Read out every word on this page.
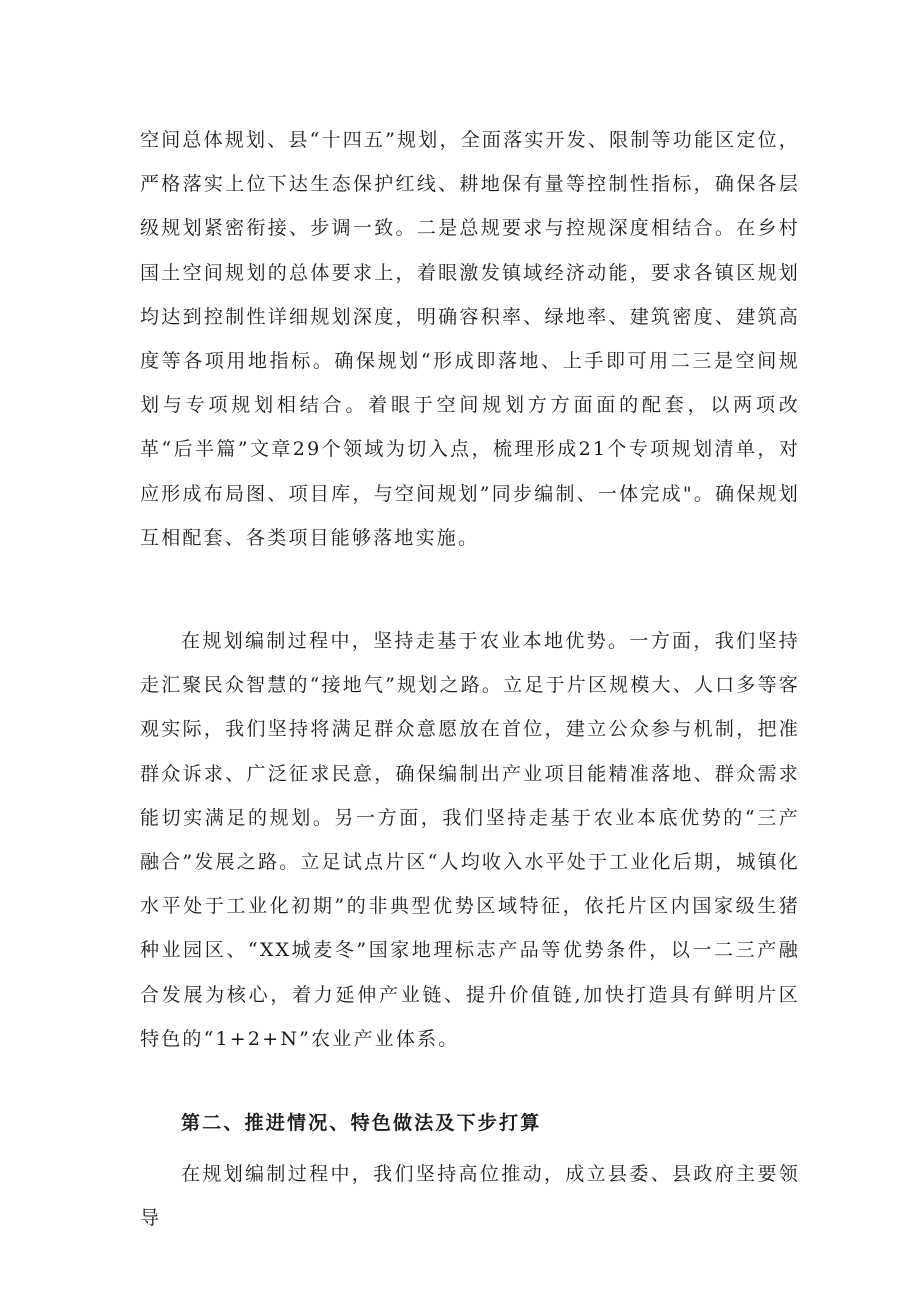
空间总体规划、县“十四五”规划，全面落实开发、限制等功能区定位，严格落实上位下达生态保护红线、耕地保有量等控制性指标，确保各层级规划紧密衔接、步调一致。二是总规要求与控规深度相结合。在乡村国土空间规划的总体要求上，着眼激发镇域经济动能，要求各镇区规划均达到控制性详细规划深度，明确容积率、绿地率、建筑密度、建筑高度等各项用地指标。确保规划“形成即落地、上手即可用二三是空间规划与专项规划相结合。着眼于空间规划方方面面的配套，以两项改革“后半篇”文章29个领域为切入点，梳理形成21个专项规划清单，对应形成布局图、项目库，与空间规划”同步编制、一体完成"。确保规划互相配套、各类项目能够落地实施。

在规划编制过程中，坚持走基于农业本地优势。一方面，我们坚持走汇聚民众智慧的“接地气”规划之路。立足于片区规模大、人口多等客观实际，我们坚持将满足群众意愿放在首位，建立公众参与机制，把准群众诉求、广泛征求民意，确保编制出产业项目能精准落地、群众需求能切实满足的规划。另一方面，我们坚持走基于农业本底优势的“三产融合”发展之路。立足试点片区“人均收入水平处于工业化后期，城镇化水平处于工业化初期”的非典型优势区域特征，依托片区内国家级生猪种业园区、“XX城麦冬”国家地理标志产品等优势条件，以一二三产融合发展为核心，着力延伸产业链、提升价值链,加快打造具有鲜明片区特色的“1+2+N”农业产业体系。

第二、推进情况、特色做法及下步打算

在规划编制过程中，我们坚持高位推动，成立县委、县政府主要领导
